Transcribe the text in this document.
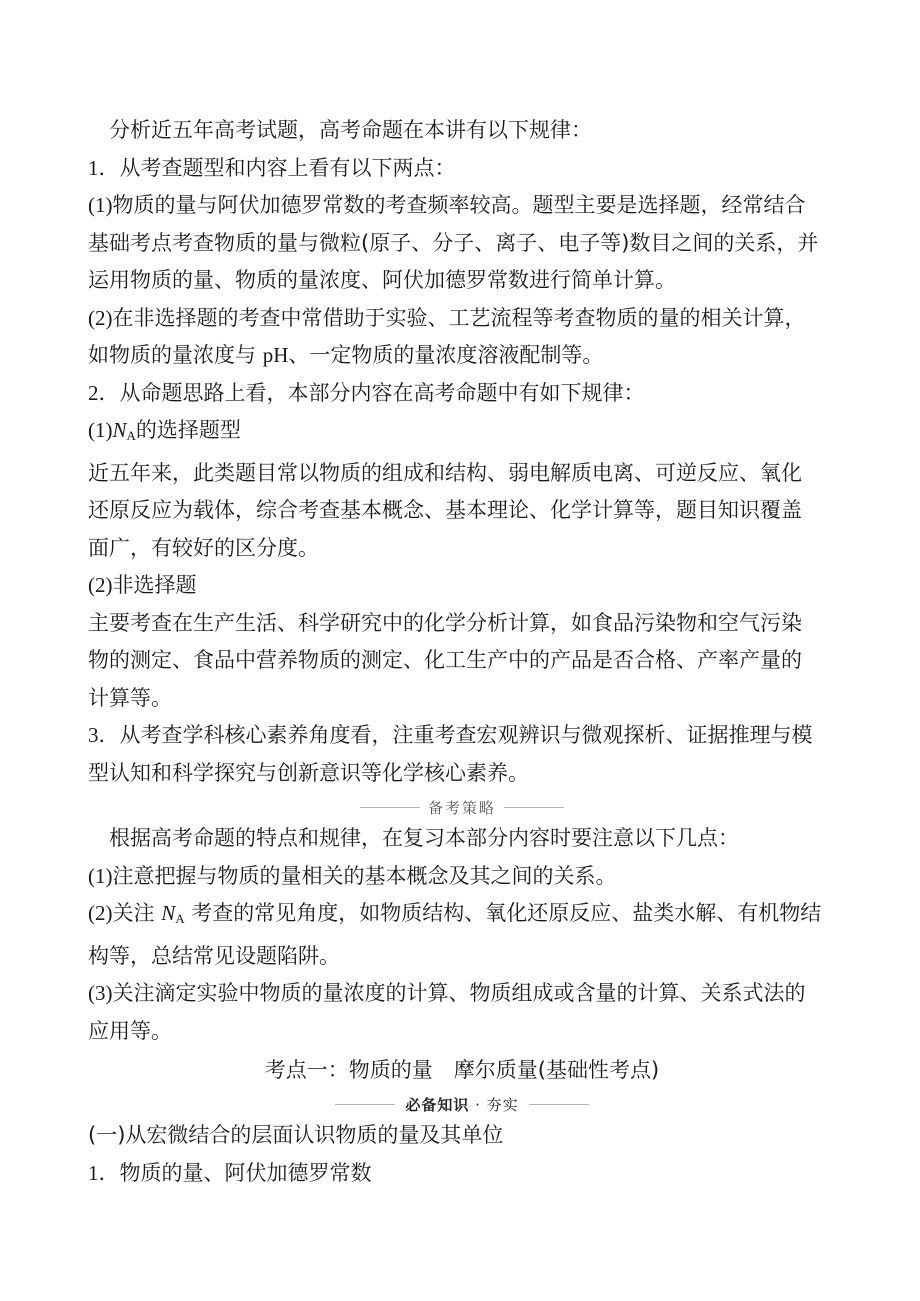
分析近五年高考试题，高考命题在本讲有以下规律：

1．从考查题型和内容上看有以下两点：

(1)物质的量与阿伏加德罗常数的考查频率较高。题型主要是选择题，经常结合

基础考点考查物质的量与微粒(原子、分子、离子、电子等)数目之间的关系，并

运用物质的量、物质的量浓度、阿伏加德罗常数进行简单计算。

(2)在非选择题的考查中常借助于实验、工艺流程等考查物质的量的相关计算，

如物质的量浓度与 pH、一定物质的量浓度溶液配制等。

2．从命题思路上看，本部分内容在高考命题中有如下规律：

(1)NA的选择题型

近五年来，此类题目常以物质的组成和结构、弱电解质电离、可逆反应、氧化

还原反应为载体，综合考查基本概念、基本理论、化学计算等，题目知识覆盖

面广，有较好的区分度。

(2)非选择题

主要考查在生产生活、科学研究中的化学分析计算，如食品污染物和空气污染

物的测定、食品中营养物质的测定、化工生产中的产品是否合格、产率产量的

计算等。

3．从考查学科核心素养角度看，注重考查宏观辨识与微观探析、证据推理与模

型认知和科学探究与创新意识等化学核心素养。

备考策略

根据高考命题的特点和规律，在复习本部分内容时要注意以下几点：

(1)注意把握与物质的量相关的基本概念及其之间的关系。

(2)关注 NA 考查的常见角度，如物质结构、氧化还原反应、盐类水解、有机物结

构等，总结常见设题陷阱。

(3)关注滴定实验中物质的量浓度的计算、物质组成或含量的计算、关系式法的

应用等。

考点一：物质的量　摩尔质量(基础性考点)

必备知识 · 夯实

(一)从宏微结合的层面认识物质的量及其单位

1．物质的量、阿伏加德罗常数
